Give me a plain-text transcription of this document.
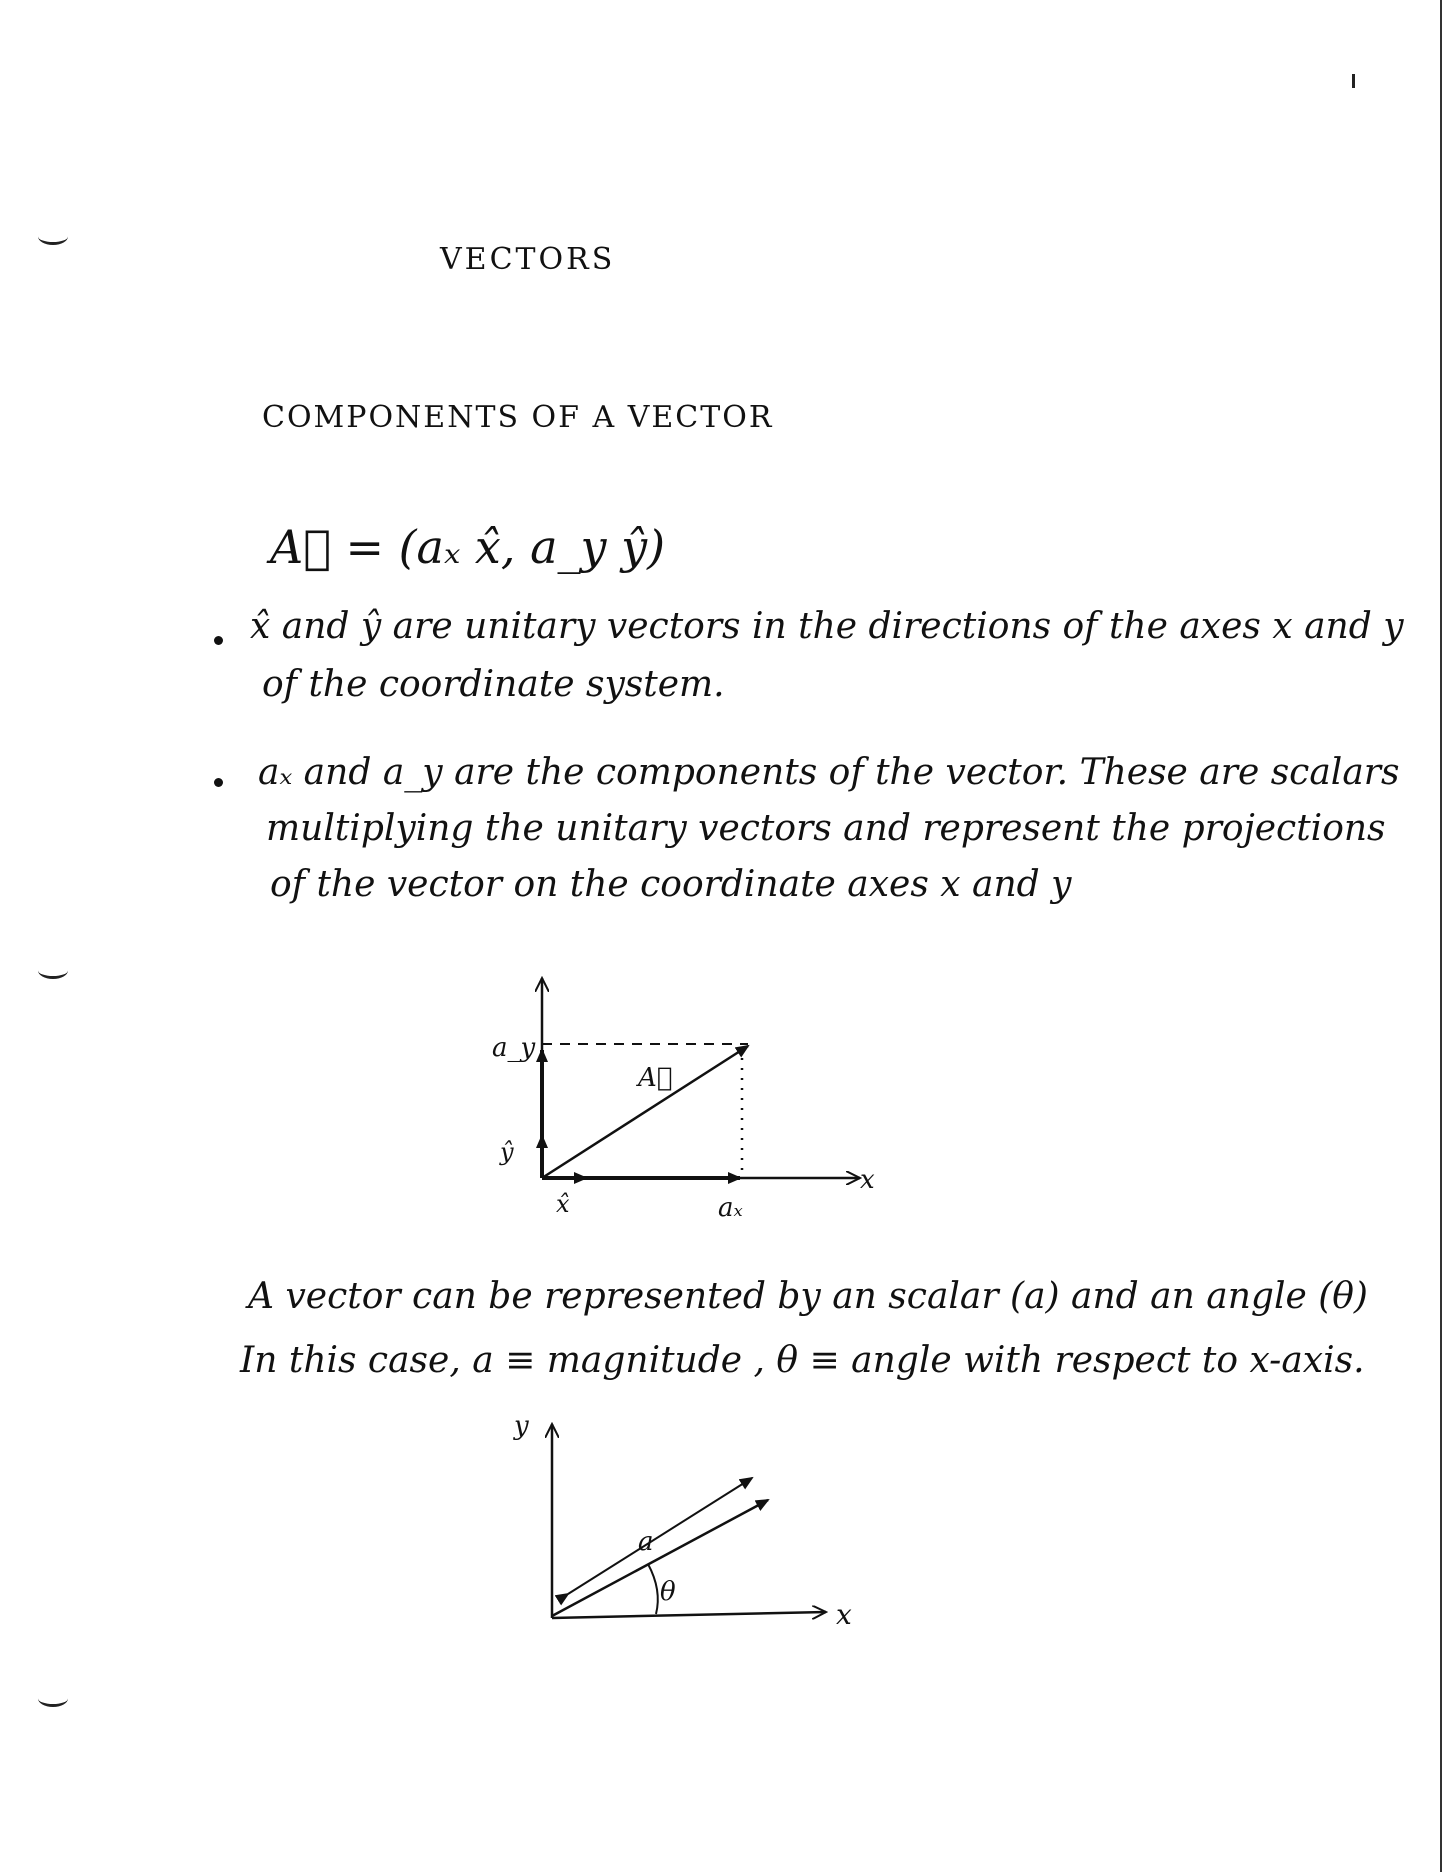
VECTORS
COMPONENTS OF A VECTOR
A⃗ = (aₓ x̂, a_y ŷ)
x̂ and ŷ are unitary vectors in the directions of the axes x and y
of the coordinate system.
aₓ and a_y are the components of the vector. These are scalars
multiplying the unitary vectors and represent the projections
of the vector on the coordinate axes x and y
A vector can be represented by an scalar (a) and an angle (θ)
In this case, a ≡ magnitude , θ ≡ angle with respect to x-axis.
a_y
ŷ
x̂	aₓ
A⃗
x
a
θ
y
x
